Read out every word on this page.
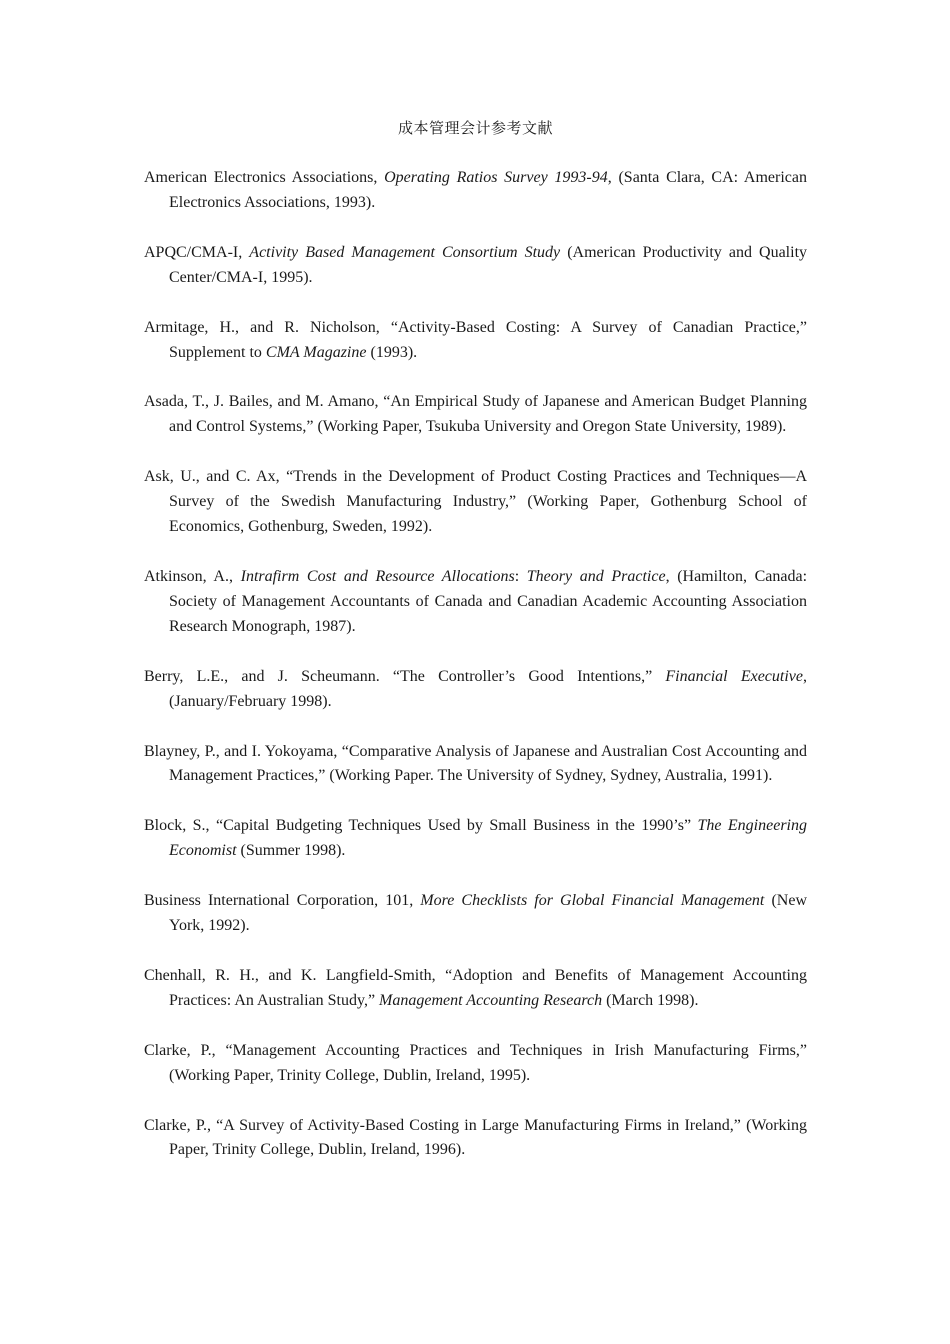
成本管理会计参考文献
American Electronics Associations, Operating Ratios Survey 1993-94, (Santa Clara, CA: American Electronics Associations, 1993).
APQC/CMA-I, Activity Based Management Consortium Study (American Productivity and Quality Center/CMA-I, 1995).
Armitage, H., and R. Nicholson, “Activity-Based Costing: A Survey of Canadian Practice,” Supplement to CMA Magazine (1993).
Asada, T., J. Bailes, and M. Amano, “An Empirical Study of Japanese and American Budget Planning and Control Systems,” (Working Paper, Tsukuba University and Oregon State University, 1989).
Ask, U., and C. Ax, “Trends in the Development of Product Costing Practices and Techniques—A Survey of the Swedish Manufacturing Industry,” (Working Paper, Gothenburg School of Economics, Gothenburg, Sweden, 1992).
Atkinson, A., Intrafirm Cost and Resource Allocations: Theory and Practice, (Hamilton, Canada: Society of Management Accountants of Canada and Canadian Academic Accounting Association Research Monograph, 1987).
Berry, L.E., and J. Scheumann. “The Controller’s Good Intentions,” Financial Executive, (January/February 1998).
Blayney, P., and I. Yokoyama, “Comparative Analysis of Japanese and Australian Cost Accounting and Management Practices,” (Working Paper. The University of Sydney, Sydney, Australia, 1991).
Block, S., “Capital Budgeting Techniques Used by Small Business in the 1990’s” The Engineering Economist (Summer 1998).
Business International Corporation, 101, More Checklists for Global Financial Management (New York, 1992).
Chenhall, R. H., and K. Langfield-Smith, “Adoption and Benefits of Management Accounting Practices: An Australian Study,” Management Accounting Research (March 1998).
Clarke, P., “Management Accounting Practices and Techniques in Irish Manufacturing Firms,” (Working Paper, Trinity College, Dublin, Ireland, 1995).
Clarke, P., “A Survey of Activity-Based Costing in Large Manufacturing Firms in Ireland,” (Working Paper, Trinity College, Dublin, Ireland, 1996).
